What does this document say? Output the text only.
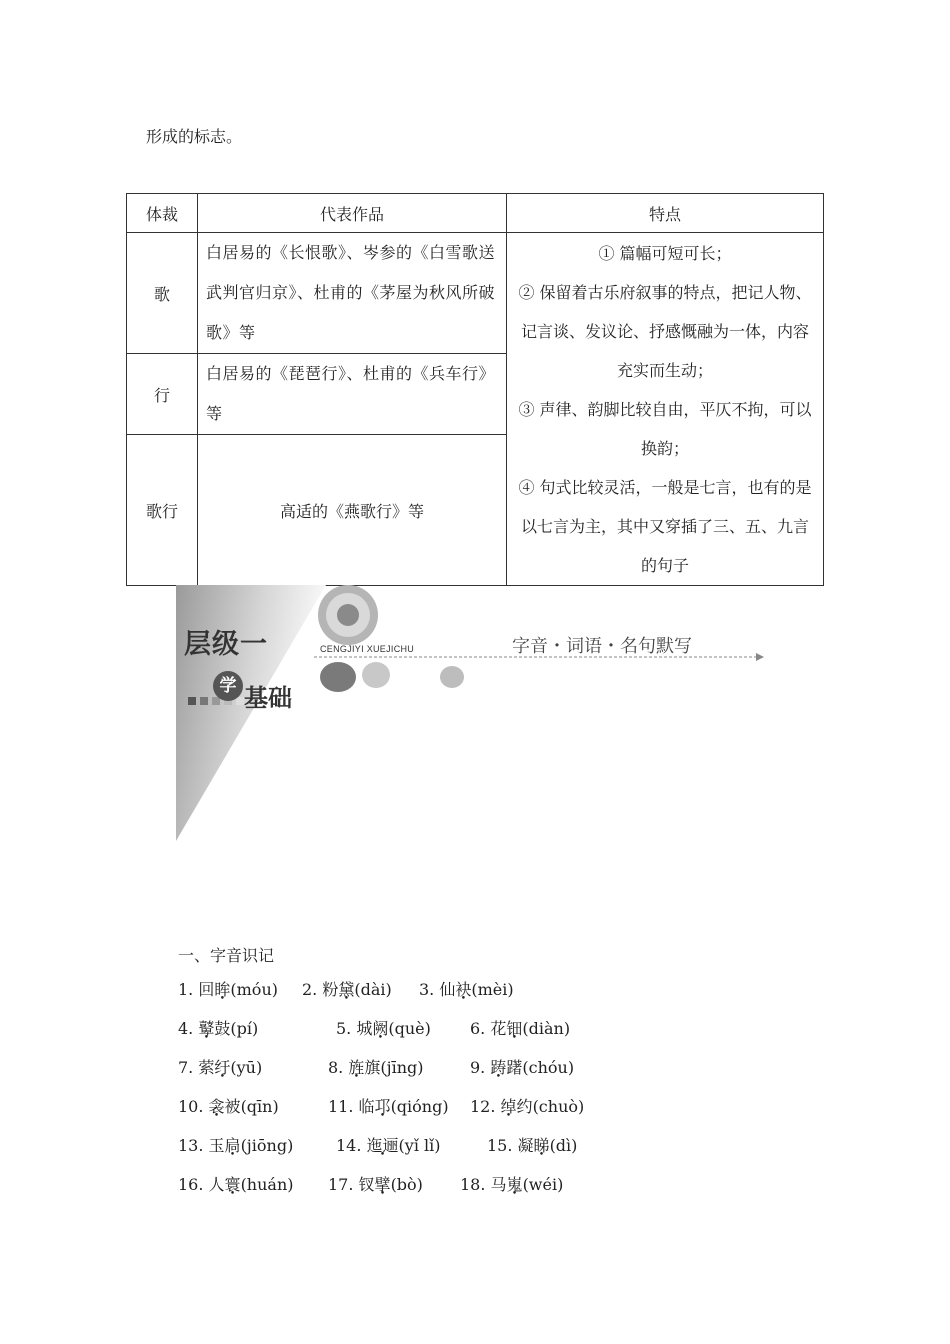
形成的标志。
体裁	代表作品	特点
歌	白居易的《长恨歌》、岑参的《白雪歌送武判官归京》、杜甫的《茅屋为秋风所破歌》等	① 篇幅可短可长；
② 保留着古乐府叙事的特点，把记人物、记言谈、发议论、抒感慨融为一体，内容充实而生动；
③ 声律、韵脚比较自由，平仄不拘，可以换韵；
④ 句式比较灵活，一般是七言，也有的是以七言为主，其中又穿插了三、五、九言的句子

行	白居易的《琵琶行》、杜甫的《兵车行》等	
歌行	高适的《燕歌行》等	
层级一
学 基础
CENGJIYI XUEJICHU	字音・词语・名句默写
一、字音识记
1. 回眸(móu) 2. 粉黛(dài) 3. 仙袂(mèi)
4. 鼙鼓(pí)	5. 城阙(què) 6. 花钿(diàn)
7. 萦纡(yū)	8. 旌旗(jīng)	9. 踌躇(chóu)
10. 衾被(qīn)	11. 临邛(qióng) 12. 绰约(chuò)
13. 玉扃(jiōng)	14. 迤逦(yǐ lǐ)	15. 凝睇(dì)
16. 人寰(huán) 17. 钗擘(bò) 18. 马嵬(wéi)
